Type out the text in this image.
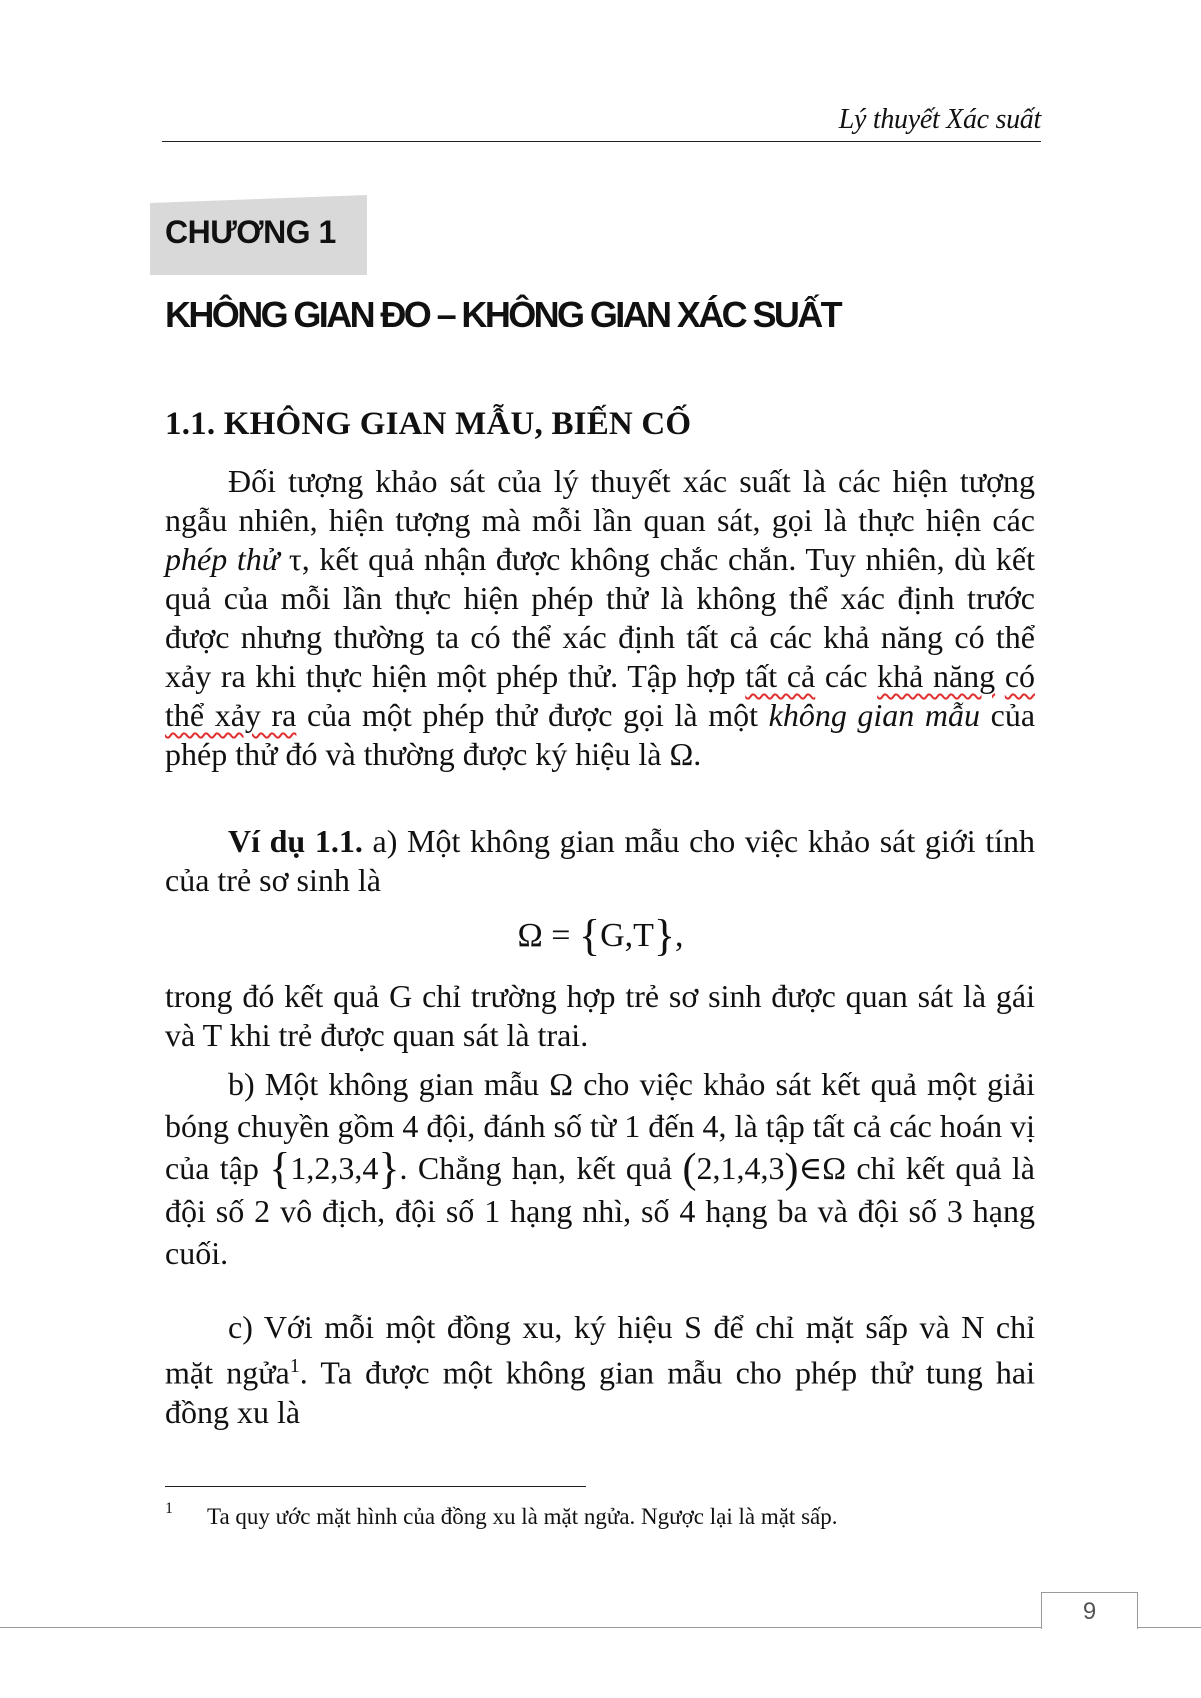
Lý thuyết Xác suất
CHƯƠNG 1
KHÔNG GIAN ĐO – KHÔNG GIAN XÁC SUẤT
1.1. KHÔNG GIAN MẪU, BIẾN CỐ

Đối tượng khảo sát của lý thuyết xác suất là các hiện tượng ngẫu nhiên, hiện tượng mà mỗi lần quan sát, gọi là thực hiện các phép thử τ, kết quả nhận được không chắc chắn. Tuy nhiên, dù kết quả của mỗi lần thực hiện phép thử là không thể xác định trước được nhưng thường ta có thể xác định tất cả các khả năng có thể xảy ra khi thực hiện một phép thử. Tập hợp tất cả các khả năng có thể xảy ra của một phép thử được gọi là một không gian mẫu của phép thử đó và thường được ký hiệu là Ω.

Ví dụ 1.1. a) Một không gian mẫu cho việc khảo sát giới tính của trẻ sơ sinh là

Ω = {G,T},

trong đó kết quả G chỉ trường hợp trẻ sơ sinh được quan sát là gái và T khi trẻ được quan sát là trai.

b) Một không gian mẫu Ω cho việc khảo sát kết quả một giải bóng chuyền gồm 4 đội, đánh số từ 1 đến 4, là tập tất cả các hoán vị của tập {1,2,3,4}. Chẳng hạn, kết quả (2,1,4,3)∈Ω chỉ kết quả là đội số 2 vô địch, đội số 1 hạng nhì, số 4 hạng ba và đội số 3 hạng cuối.

c) Với mỗi một đồng xu, ký hiệu S để chỉ mặt sấp và N chỉ mặt ngửa$^1$. Ta được một không gian mẫu cho phép thử tung hai đồng xu là

1 Ta quy ước mặt hình của đồng xu là mặt ngửa. Ngược lại là mặt sấp.
9
